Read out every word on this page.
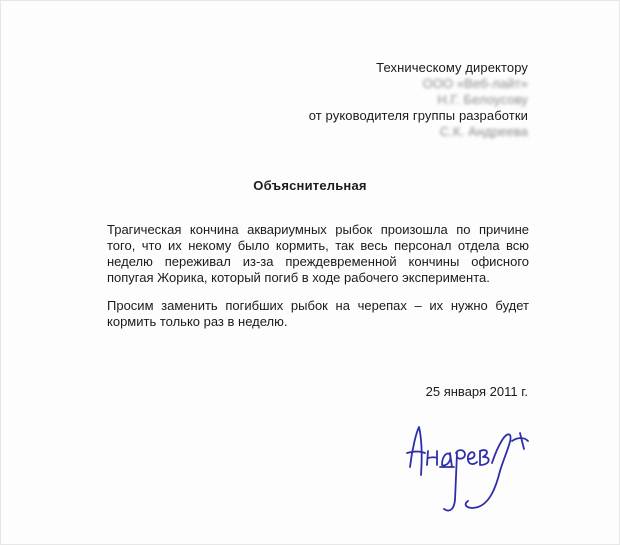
Техническому директору
ООО «Веб-лайт»
Н.Г. Белоусову
от руководителя группы разработки
С.К. Андреева
Объяснительная
Трагическая кончина аквариумных рыбок произошла по причине того, что их некому было кормить, так весь персонал отдела всю неделю переживал из-за преждевременной кончины офисного попугая Жорика, который погиб в ходе рабочего эксперимента.
Просим заменить погибших рыбок на черепах – их нужно будет кормить только раз в неделю.
25 января 2011 г.
